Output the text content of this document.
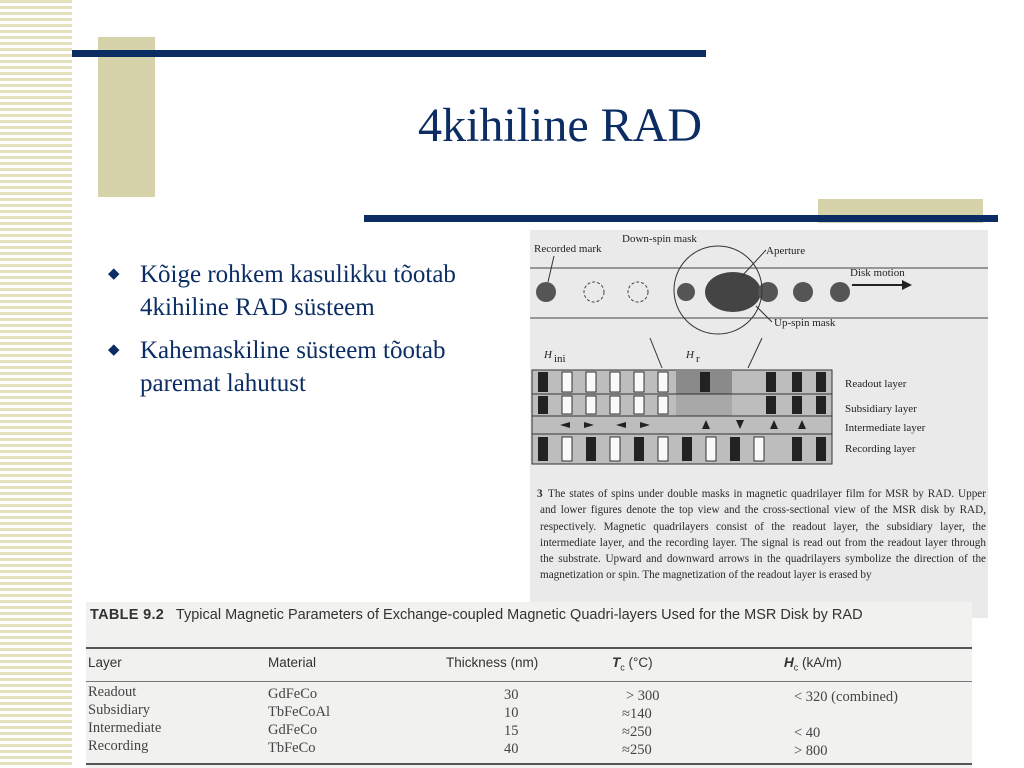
4kihiline RAD
◆ Kõige rohkem kasulikku tõotab 4kihiline RAD süsteem
◆ Kahemaskiline süsteem tõotab paremat lahutust
Recorded mark
Down-spin mask
Aperture
Disk motion
Up-spin mask
H ini	H r
Readout layer
Subsidiary layer
Intermediate layer
Recording layer
3 The states of spins under double masks in magnetic quadrilayer film for MSR by RAD. Upper and lower figures denote the top view and the cross-sectional view of the MSR disk by RAD, respectively. Magnetic quadrilayers consist of the readout layer, the subsidiary layer, the intermediate layer, and the recording layer. The signal is read out from the readout layer through the substrate. Upward and downward arrows in the quadrilayers symbolize the direction of the magnetization or spin. The magnetization of the readout layer is erased by
TABLE 9.2 Typical Magnetic Parameters of Exchange-coupled Magnetic Quadri-layers Used for the MSR Disk by RAD
Layer	Material	Thickness (nm)	$T_c$ (°C)	$H_c$ (kA/m)
Readout	GdFeCo	30	> 300	< 320 (combined)
Subsidiary	TbFeCoAl	10	≈140
Intermediate	GdFeCo	15	≈250	< 40
Recording	TbFeCo	40	≈250	> 800
